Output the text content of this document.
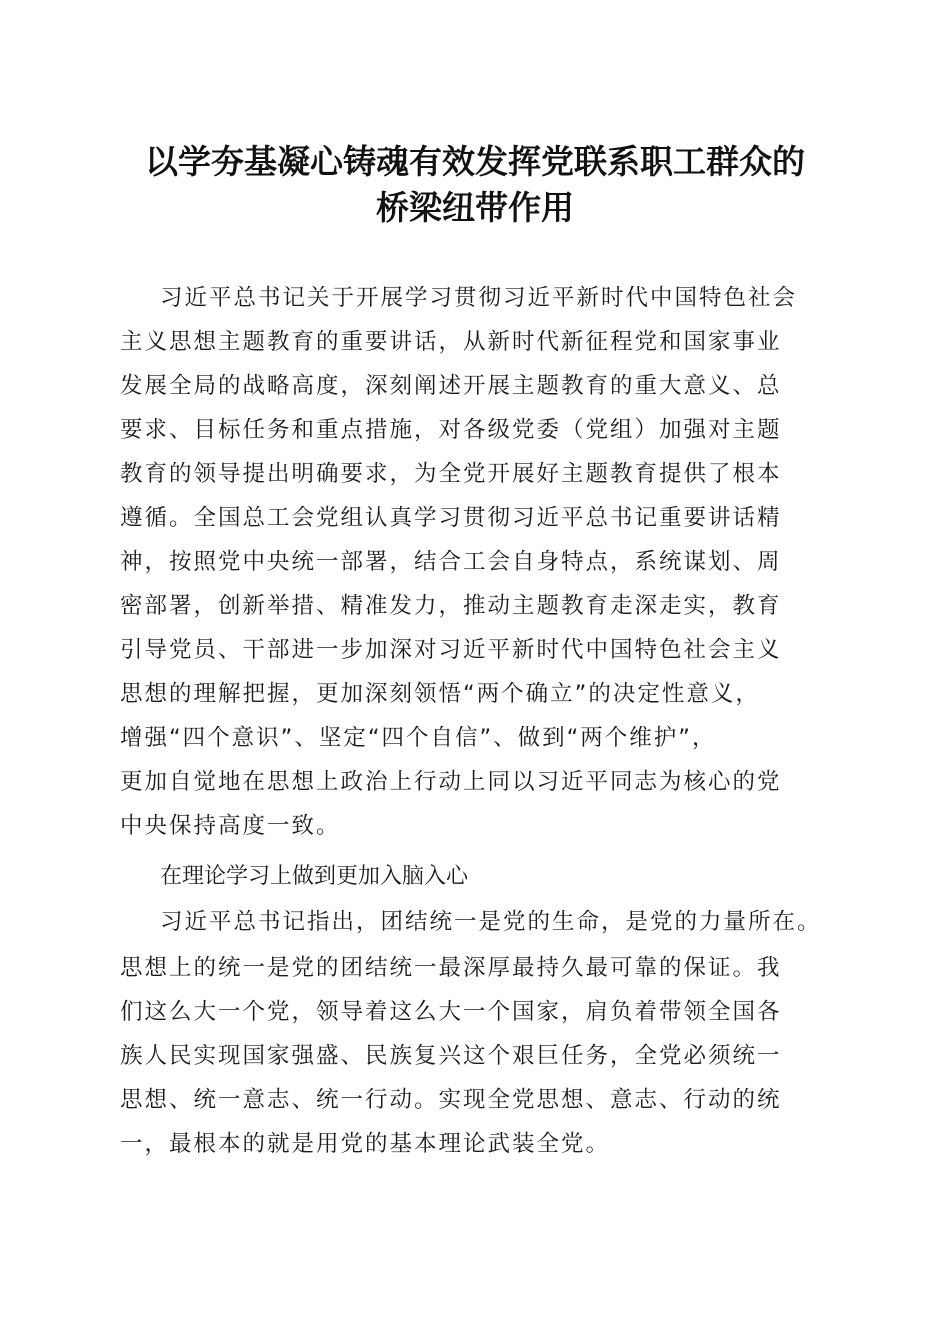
以学夯基凝心铸魂有效发挥党联系职工群众的
桥梁纽带作用
习近平总书记关于开展学习贯彻习近平新时代中国特色社会
主义思想主题教育的重要讲话，从新时代新征程党和国家事业
发展全局的战略高度，深刻阐述开展主题教育的重大意义、总
要求、目标任务和重点措施，对各级党委（党组）加强对主题
教育的领导提出明确要求，为全党开展好主题教育提供了根本
遵循。全国总工会党组认真学习贯彻习近平总书记重要讲话精
神，按照党中央统一部署，结合工会自身特点，系统谋划、周
密部署，创新举措、精准发力，推动主题教育走深走实，教育
引导党员、干部进一步加深对习近平新时代中国特色社会主义
思想的理解把握，更加深刻领悟“两个确立”的决定性意义，
增强“四个意识”、坚定“四个自信”、做到“两个维护”，
更加自觉地在思想上政治上行动上同以习近平同志为核心的党
中央保持高度一致。
在理论学习上做到更加入脑入心
习近平总书记指出，团结统一是党的生命，是党的力量所在。
思想上的统一是党的团结统一最深厚最持久最可靠的保证。我
们这么大一个党，领导着这么大一个国家，肩负着带领全国各
族人民实现国家强盛、民族复兴这个艰巨任务，全党必须统一
思想、统一意志、统一行动。实现全党思想、意志、行动的统
一，最根本的就是用党的基本理论武装全党。
